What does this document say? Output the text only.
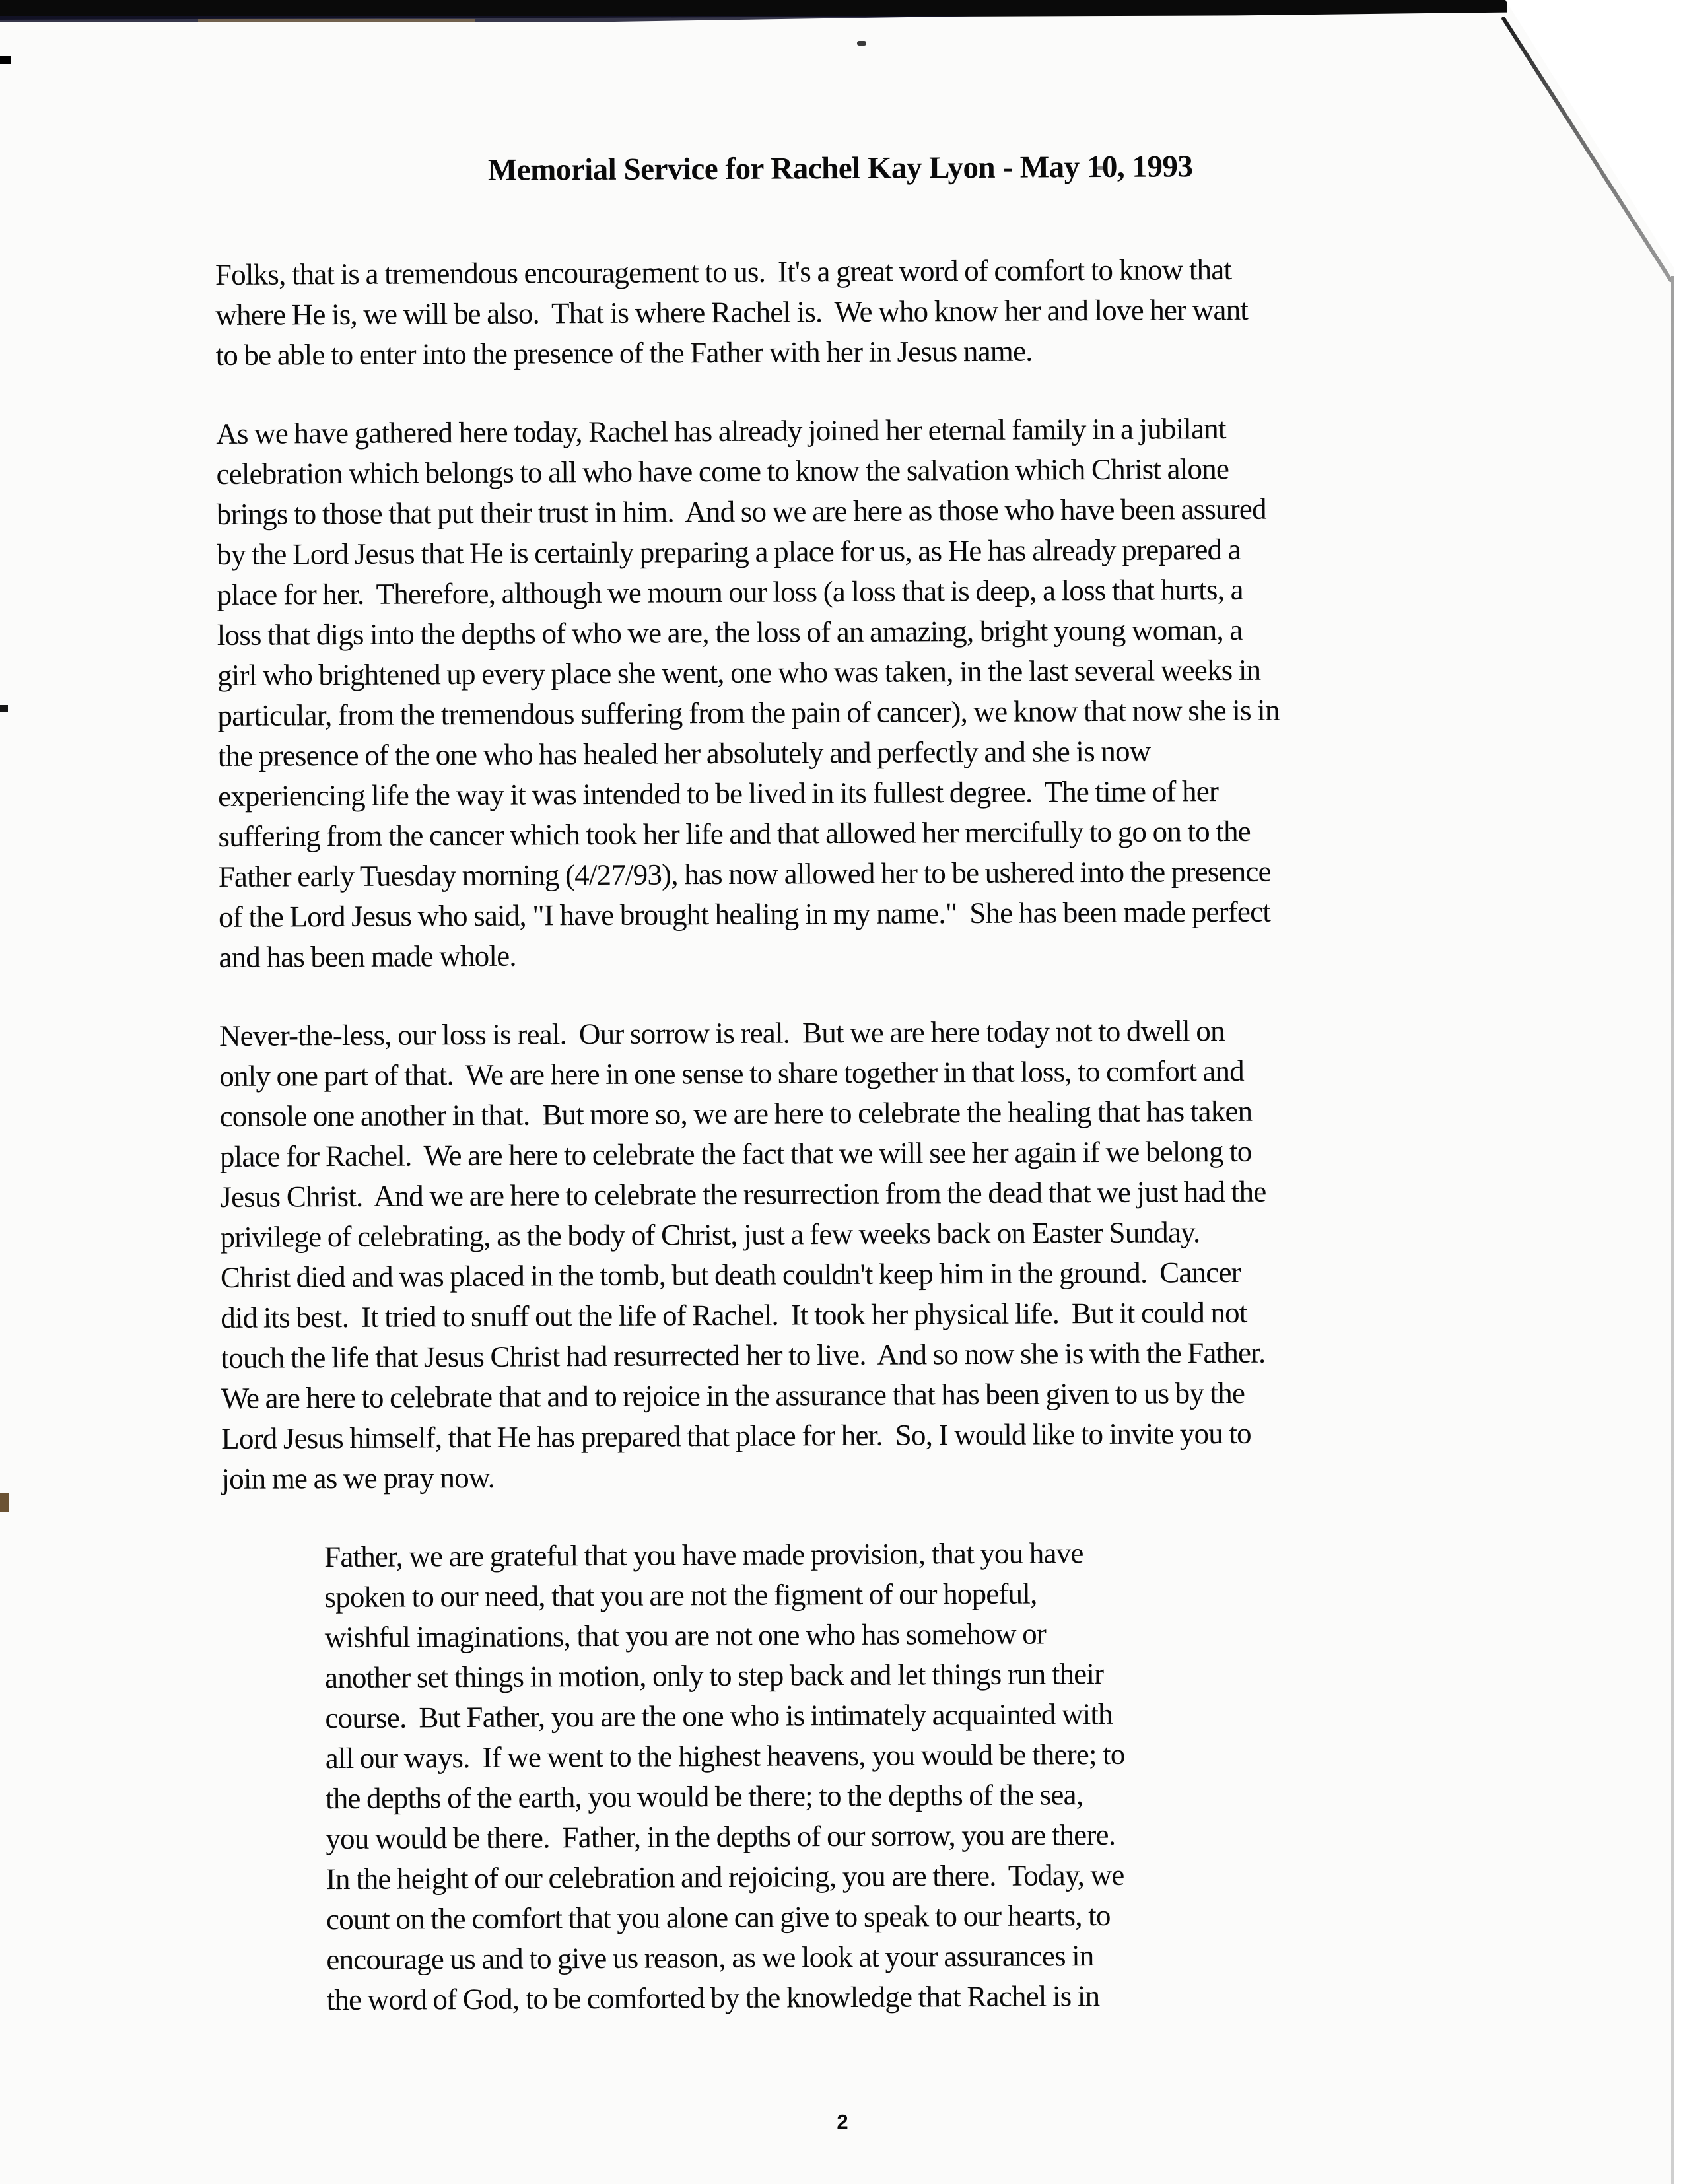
Memorial Service for Rachel Kay Lyon - May 10, 1993
Folks, that is a tremendous encouragement to us.  It's a great word of comfort to know that
where He is, we will be also.  That is where Rachel is.  We who know her and love her want
to be able to enter into the presence of the Father with her in Jesus name.
As we have gathered here today, Rachel has already joined her eternal family in a jubilant
celebration which belongs to all who have come to know the salvation which Christ alone
brings to those that put their trust in him.  And so we are here as those who have been assured
by the Lord Jesus that He is certainly preparing a place for us, as He has already prepared a
place for her.  Therefore, although we mourn our loss (a loss that is deep, a loss that hurts, a
loss that digs into the depths of who we are, the loss of an amazing, bright young woman, a
girl who brightened up every place she went, one who was taken, in the last several weeks in
particular, from the tremendous suffering from the pain of cancer), we know that now she is in
the presence of the one who has healed her absolutely and perfectly and she is now
experiencing life the way it was intended to be lived in its fullest degree.  The time of her
suffering from the cancer which took her life and that allowed her mercifully to go on to the
Father early Tuesday morning (4/27/93), has now allowed her to be ushered into the presence
of the Lord Jesus who said, "I have brought healing in my name."  She has been made perfect
and has been made whole.
Never-the-less, our loss is real.  Our sorrow is real.  But we are here today not to dwell on
only one part of that.  We are here in one sense to share together in that loss, to comfort and
console one another in that.  But more so, we are here to celebrate the healing that has taken
place for Rachel.  We are here to celebrate the fact that we will see her again if we belong to
Jesus Christ.  And we are here to celebrate the resurrection from the dead that we just had the
privilege of celebrating, as the body of Christ, just a few weeks back on Easter Sunday.
Christ died and was placed in the tomb, but death couldn't keep him in the ground.  Cancer
did its best.  It tried to snuff out the life of Rachel.  It took her physical life.  But it could not
touch the life that Jesus Christ had resurrected her to live.  And so now she is with the Father.
We are here to celebrate that and to rejoice in the assurance that has been given to us by the
Lord Jesus himself, that He has prepared that place for her.  So, I would like to invite you to
join me as we pray now.
Father, we are grateful that you have made provision, that you have
spoken to our need, that you are not the figment of our hopeful,
wishful imaginations, that you are not one who has somehow or
another set things in motion, only to step back and let things run their
course.  But Father, you are the one who is intimately acquainted with
all our ways.  If we went to the highest heavens, you would be there; to
the depths of the earth, you would be there; to the depths of the sea,
you would be there.  Father, in the depths of our sorrow, you are there.
In the height of our celebration and rejoicing, you are there.  Today, we
count on the comfort that you alone can give to speak to our hearts, to
encourage us and to give us reason, as we look at your assurances in
the word of God, to be comforted by the knowledge that Rachel is in
2
